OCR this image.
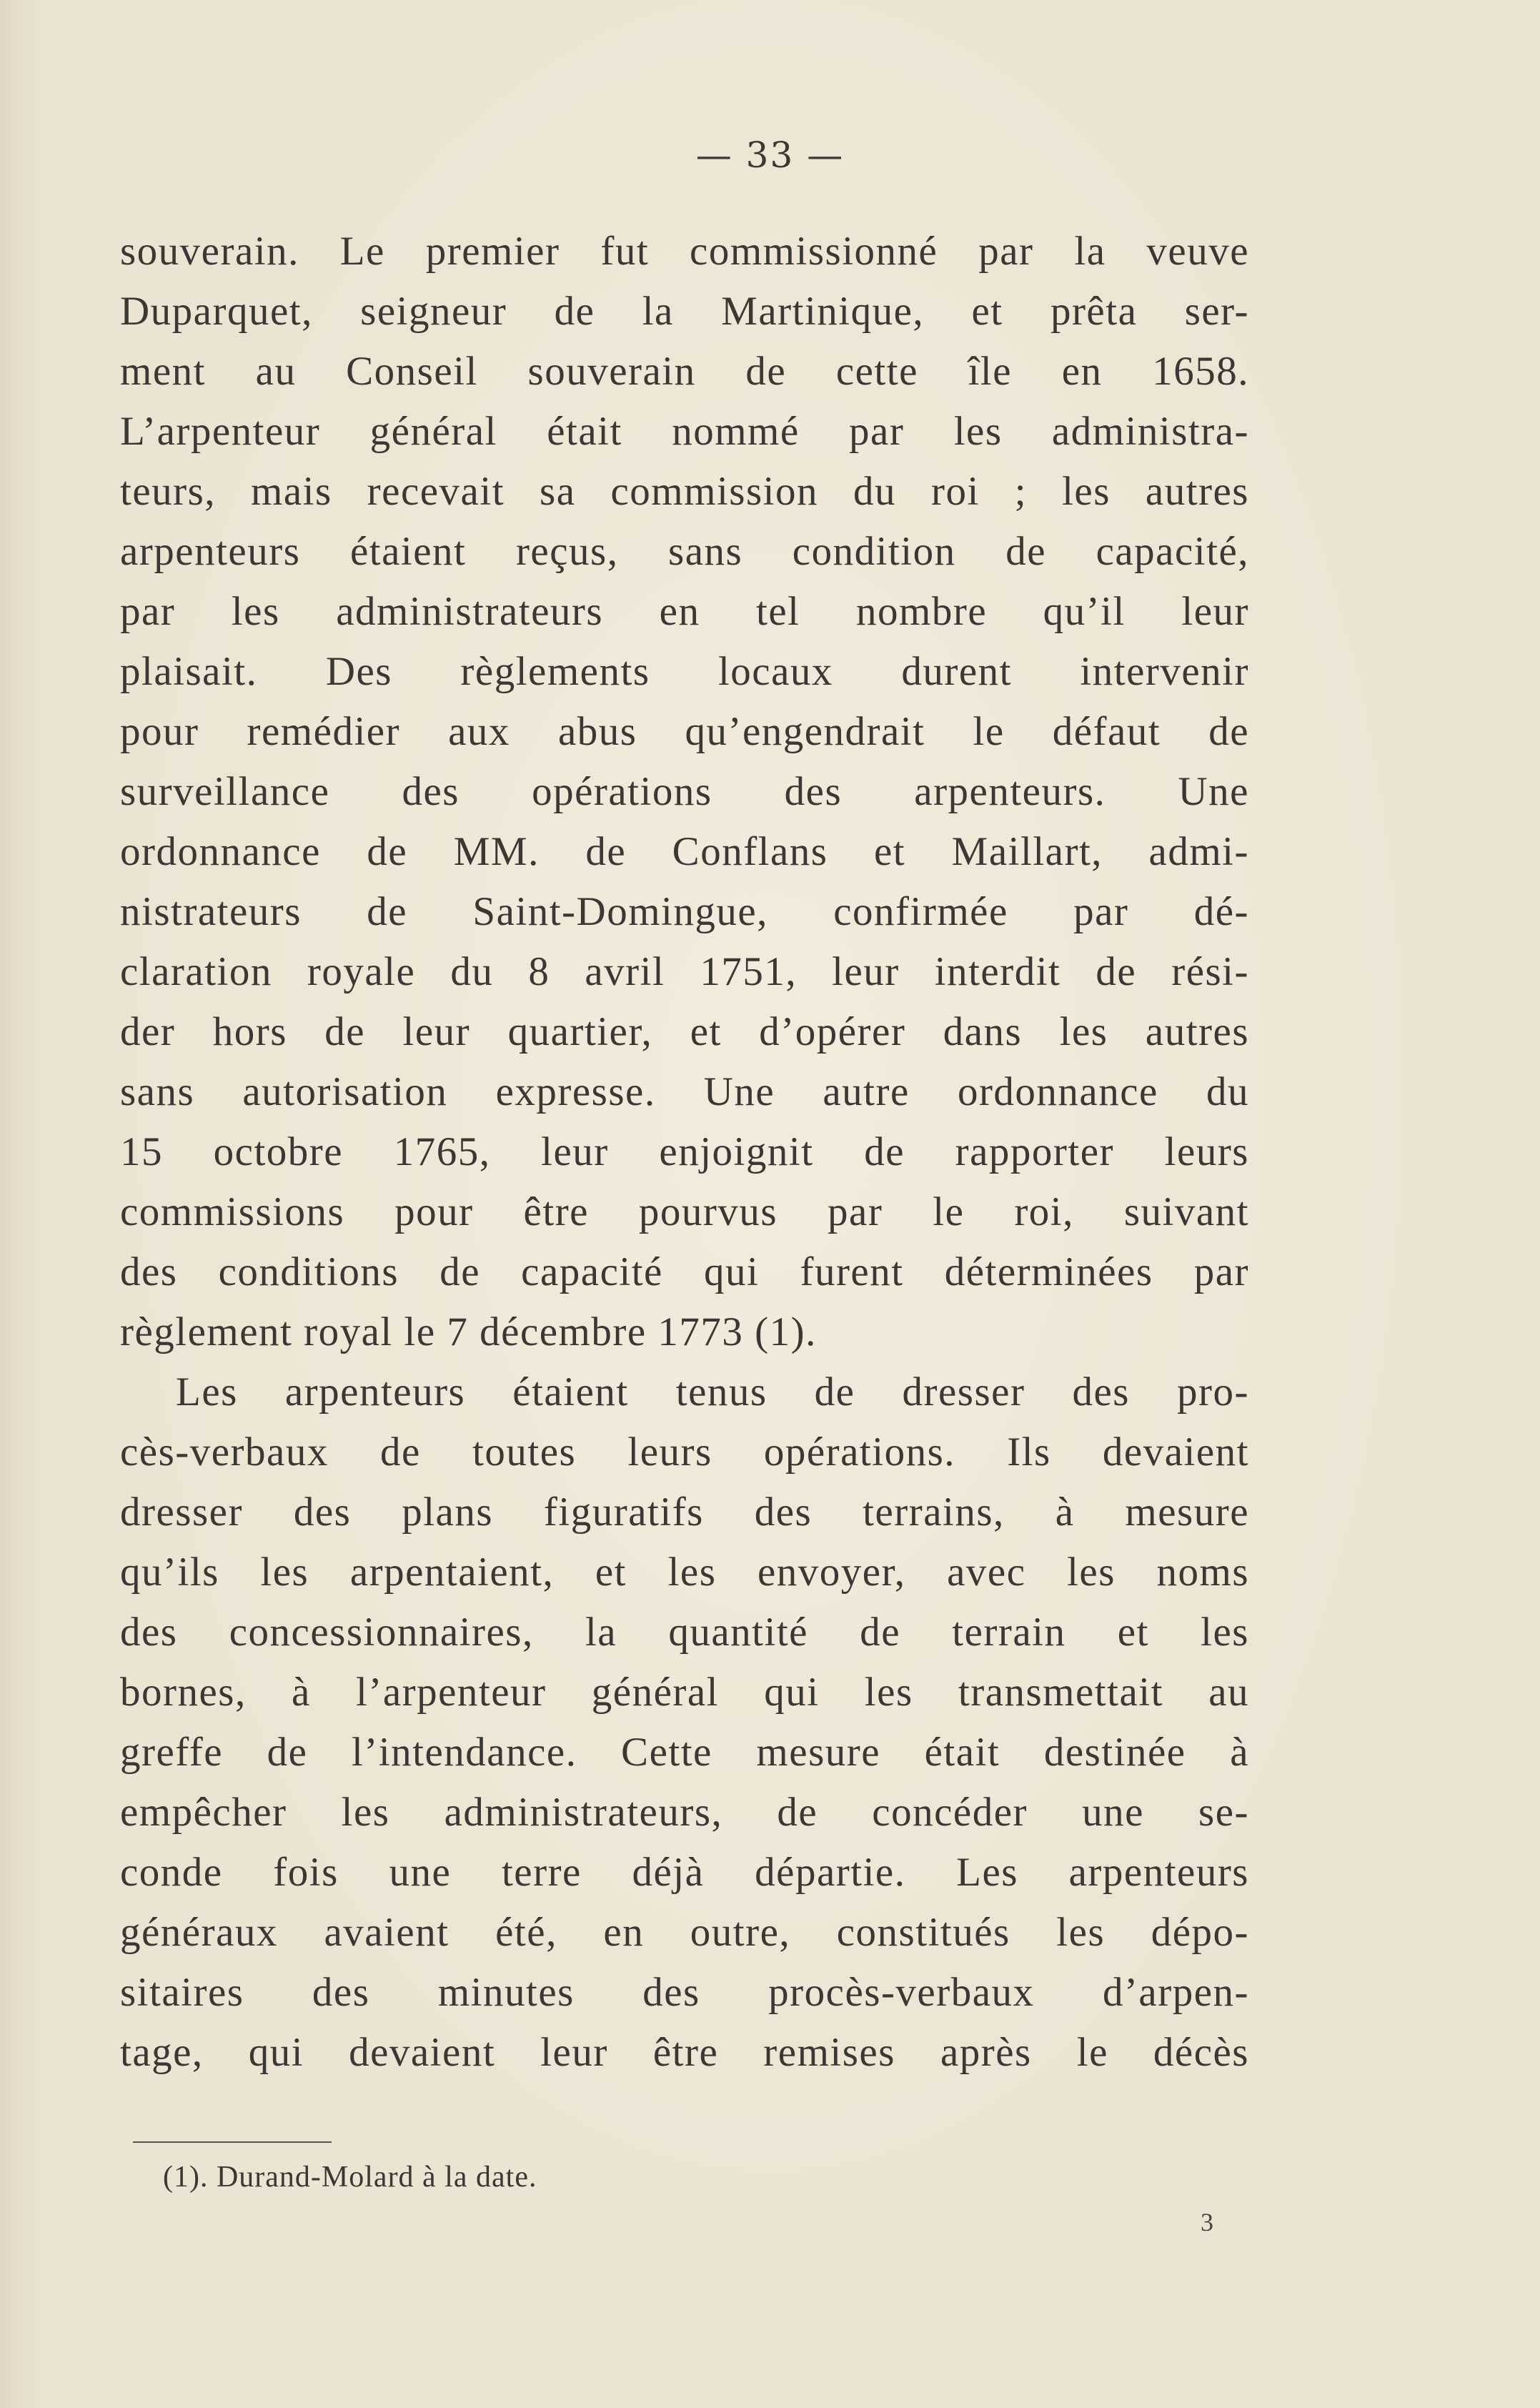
— 33 —
souverain. Le premier fut commissionné par la veuve
Duparquet, seigneur de la Martinique, et prêta ser-
ment au Conseil souverain de cette île en 1658.
L’arpenteur général était nommé par les administra-
teurs, mais recevait sa commission du roi ; les autres
arpenteurs étaient reçus, sans condition de capacité,
par les administrateurs en tel nombre qu’il leur
plaisait. Des règlements locaux durent intervenir
pour remédier aux abus qu’engendrait le défaut de
surveillance des opérations des arpenteurs. Une
ordonnance de MM. de Conflans et Maillart, admi-
nistrateurs de Saint-Domingue, confirmée par dé-
claration royale du 8 avril 1751, leur interdit de rési-
der hors de leur quartier, et d’opérer dans les autres
sans autorisation expresse. Une autre ordonnance du
15 octobre 1765, leur enjoignit de rapporter leurs
commissions pour être pourvus par le roi, suivant
des conditions de capacité qui furent déterminées par
règlement royal le 7 décembre 1773 (1).
Les arpenteurs étaient tenus de dresser des pro-
cès-verbaux de toutes leurs opérations. Ils devaient
dresser des plans figuratifs des terrains, à mesure
qu’ils les arpentaient, et les envoyer, avec les noms
des concessionnaires, la quantité de terrain et les
bornes, à l’arpenteur général qui les transmettait au
greffe de l’intendance. Cette mesure était destinée à
empêcher les administrateurs, de concéder une se-
conde fois une terre déjà départie. Les arpenteurs
généraux avaient été, en outre, constitués les dépo-
sitaires des minutes des procès-verbaux d’arpen-
tage, qui devaient leur être remises après le décès
(1). Durand-Molard à la date.
3
